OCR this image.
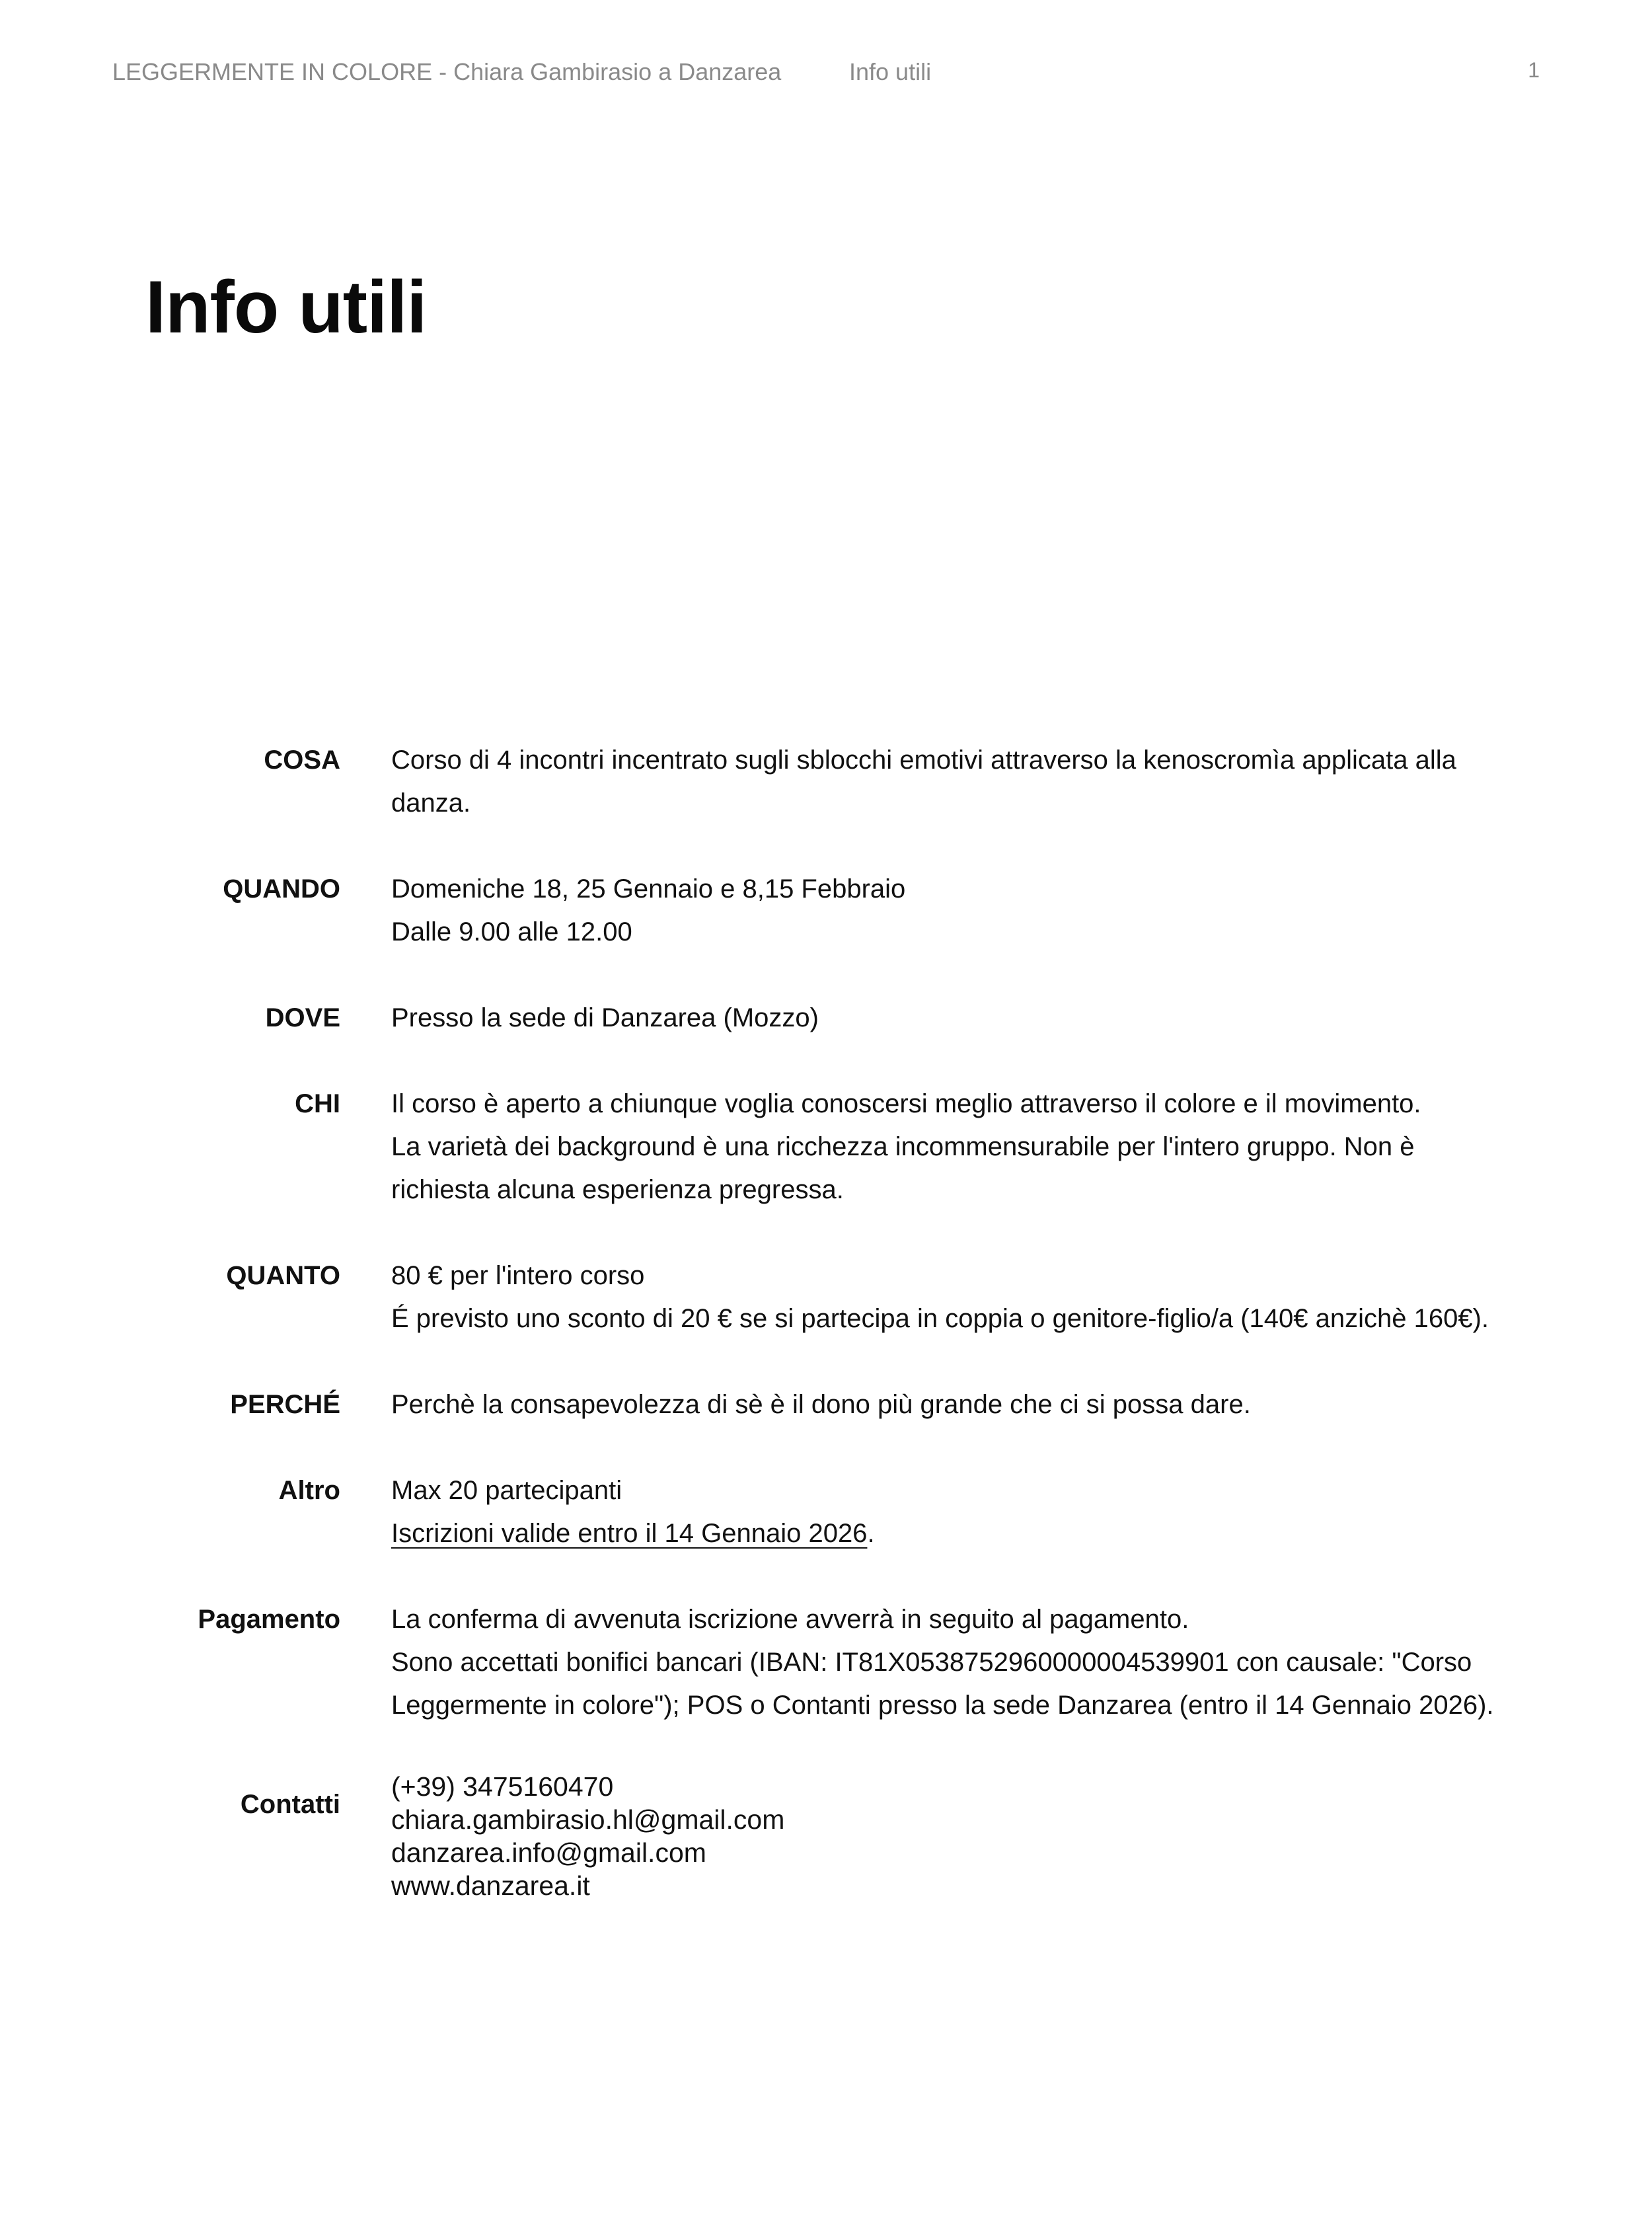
LEGGERMENTE IN COLORE - Chiara Gambirasio a Danzarea	Info utili	1
Info utili
COSA Corso di 4 incontri incentrato sugli sblocchi emotivi attraverso la kenoscromìa applicata alla danza.

QUANDO Domeniche 18, 25 Gennaio e 8,15 Febbraio

Dalle 9.00 alle 12.00

DOVE Presso la sede di Danzarea (Mozzo)

CHI Il corso è aperto a chiunque voglia conoscersi meglio attraverso il colore e il movimento.

La varietà dei background è una ricchezza incommensurabile per l'intero gruppo. Non è richiesta alcuna esperienza pregressa.

QUANTO 80 € per l'intero corso

É previsto uno sconto di 20 € se si partecipa in coppia o genitore-figlio/a (140€ anzichè 160€).

PERCHÉ Perchè la consapevolezza di sè è il dono più grande che ci si possa dare.

Altro Max 20 partecipanti

Iscrizioni valide entro il 14 Gennaio 2026.

Pagamento La conferma di avvenuta iscrizione avverrà in seguito al pagamento.

Sono accettati bonifici bancari (IBAN: IT81X0538752960000004539901 con causale: "Corso Leggermente in colore"); POS o Contanti presso la sede Danzarea (entro il 14 Gennaio 2026).

Contatti

(+39) 3475160470

chiara.gambirasio.hl@gmail.com

danzarea.info@gmail.com

www.danzarea.it
